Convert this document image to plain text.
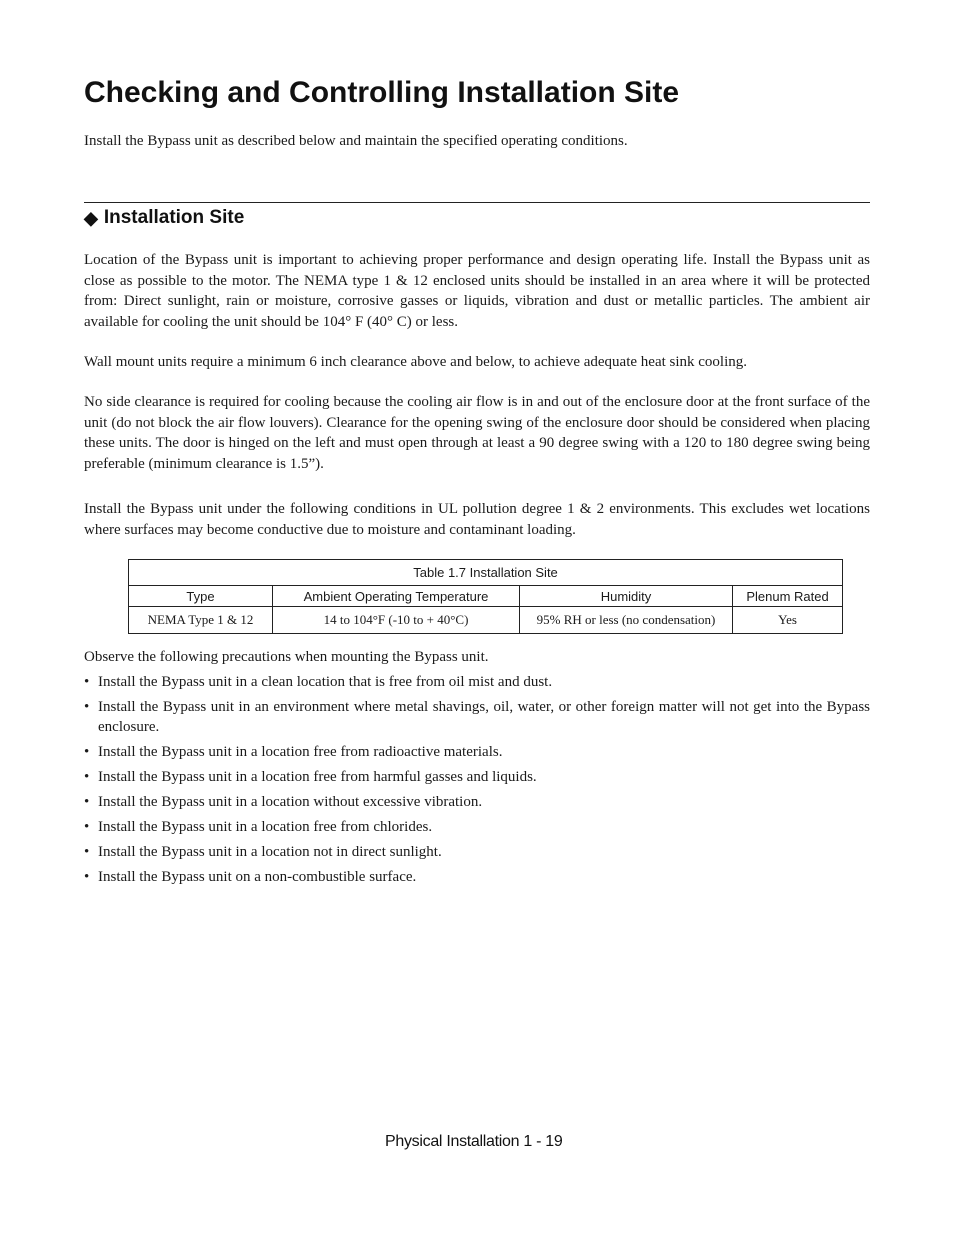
Checking and Controlling Installation Site

Install the Bypass unit as described below and maintain the specified operating conditions.

◆ Installation Site

Location of the Bypass unit is important to achieving proper performance and design operating life. Install the Bypass unit as close as possible to the motor. The NEMA type 1 & 12 enclosed units should be installed in an area where it will be protected from: Direct sunlight, rain or moisture, corrosive gasses or liquids, vibration and dust or metallic particles. The ambient air available for cooling the unit should be 104° F (40° C) or less.

Wall mount units require a minimum 6 inch clearance above and below, to achieve adequate heat sink cooling.

No side clearance is required for cooling because the cooling air flow is in and out of the enclosure door at the front surface of the unit (do not block the air flow louvers). Clearance for the opening swing of the enclosure door should be considered when placing these units. The door is hinged on the left and must open through at least a 90 degree swing with a 120 to 180 degree swing being preferable (minimum clearance is 1.5”).

Install the Bypass unit under the following conditions in UL pollution degree 1 & 2 environments. This excludes wet locations where surfaces may become conductive due to moisture and contaminant loading.

Table 1.7 Installation Site			
Type	Ambient Operating Temperature	Humidity	Plenum Rated
NEMA Type 1 & 12	14 to 104°F (-10 to + 40°C)	95% RH or less (no condensation)	Yes

Observe the following precautions when mounting the Bypass unit.

• Install the Bypass unit in a clean location that is free from oil mist and dust.
• Install the Bypass unit in an environment where metal shavings, oil, water, or other foreign matter will not get into the Bypass enclosure.
• Install the Bypass unit in a location free from radioactive materials.
• Install the Bypass unit in a location free from harmful gasses and liquids.
• Install the Bypass unit in a location without excessive vibration.
• Install the Bypass unit in a location free from chlorides.
• Install the Bypass unit in a location not in direct sunlight.
• Install the Bypass unit on a non-combustible surface.

Physical Installation 1 - 19
